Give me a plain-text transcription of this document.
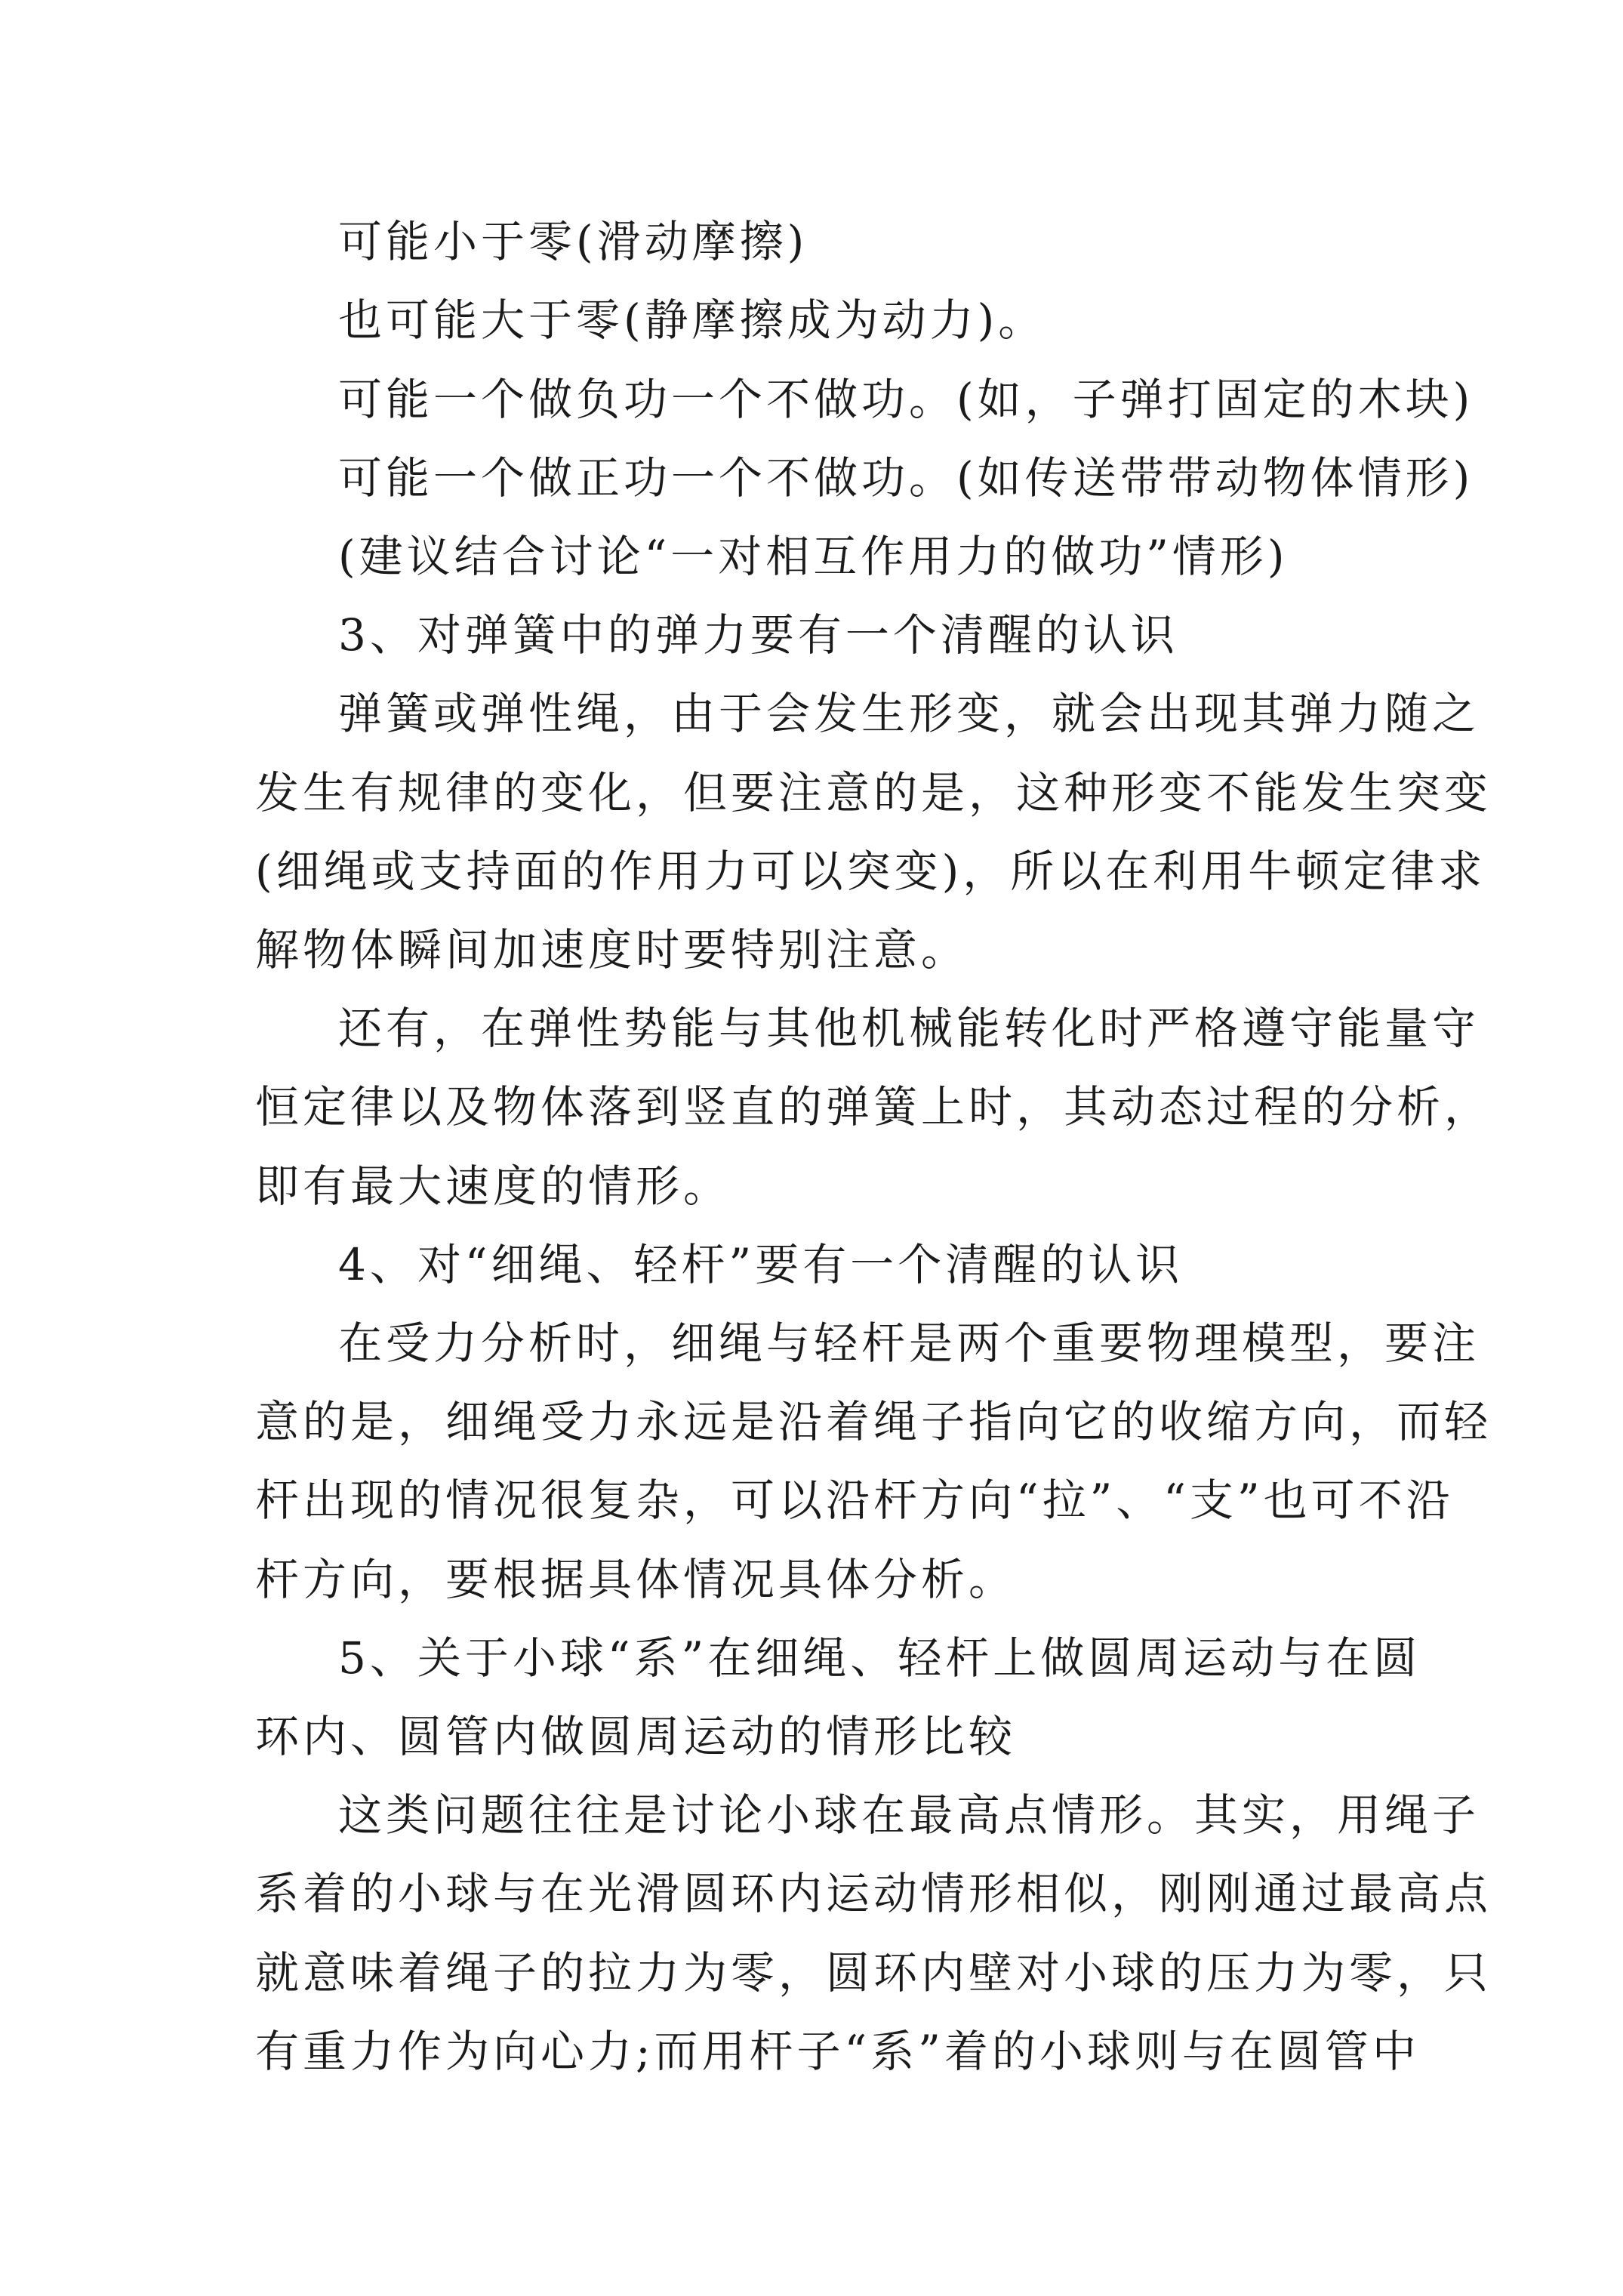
可能小于零(滑动摩擦)
也可能大于零(静摩擦成为动力)。
可能一个做负功一个不做功。(如，子弹打固定的木块)
可能一个做正功一个不做功。(如传送带带动物体情形)
(建议结合讨论“一对相互作用力的做功”情形)
3、对弹簧中的弹力要有一个清醒的认识
弹簧或弹性绳，由于会发生形变，就会出现其弹力随之
发生有规律的变化，但要注意的是，这种形变不能发生突变
(细绳或支持面的作用力可以突变)，所以在利用牛顿定律求
解物体瞬间加速度时要特别注意。
还有，在弹性势能与其他机械能转化时严格遵守能量守
恒定律以及物体落到竖直的弹簧上时，其动态过程的分析，
即有最大速度的情形。
4、对“细绳、轻杆”要有一个清醒的认识
在受力分析时，细绳与轻杆是两个重要物理模型，要注
意的是，细绳受力永远是沿着绳子指向它的收缩方向，而轻
杆出现的情况很复杂，可以沿杆方向“拉”、“支”也可不沿
杆方向，要根据具体情况具体分析。
5、关于小球“系”在细绳、轻杆上做圆周运动与在圆
环内、圆管内做圆周运动的情形比较
这类问题往往是讨论小球在最高点情形。其实，用绳子
系着的小球与在光滑圆环内运动情形相似，刚刚通过最高点
就意味着绳子的拉力为零，圆环内壁对小球的压力为零，只
有重力作为向心力;而用杆子“系”着的小球则与在圆管中
